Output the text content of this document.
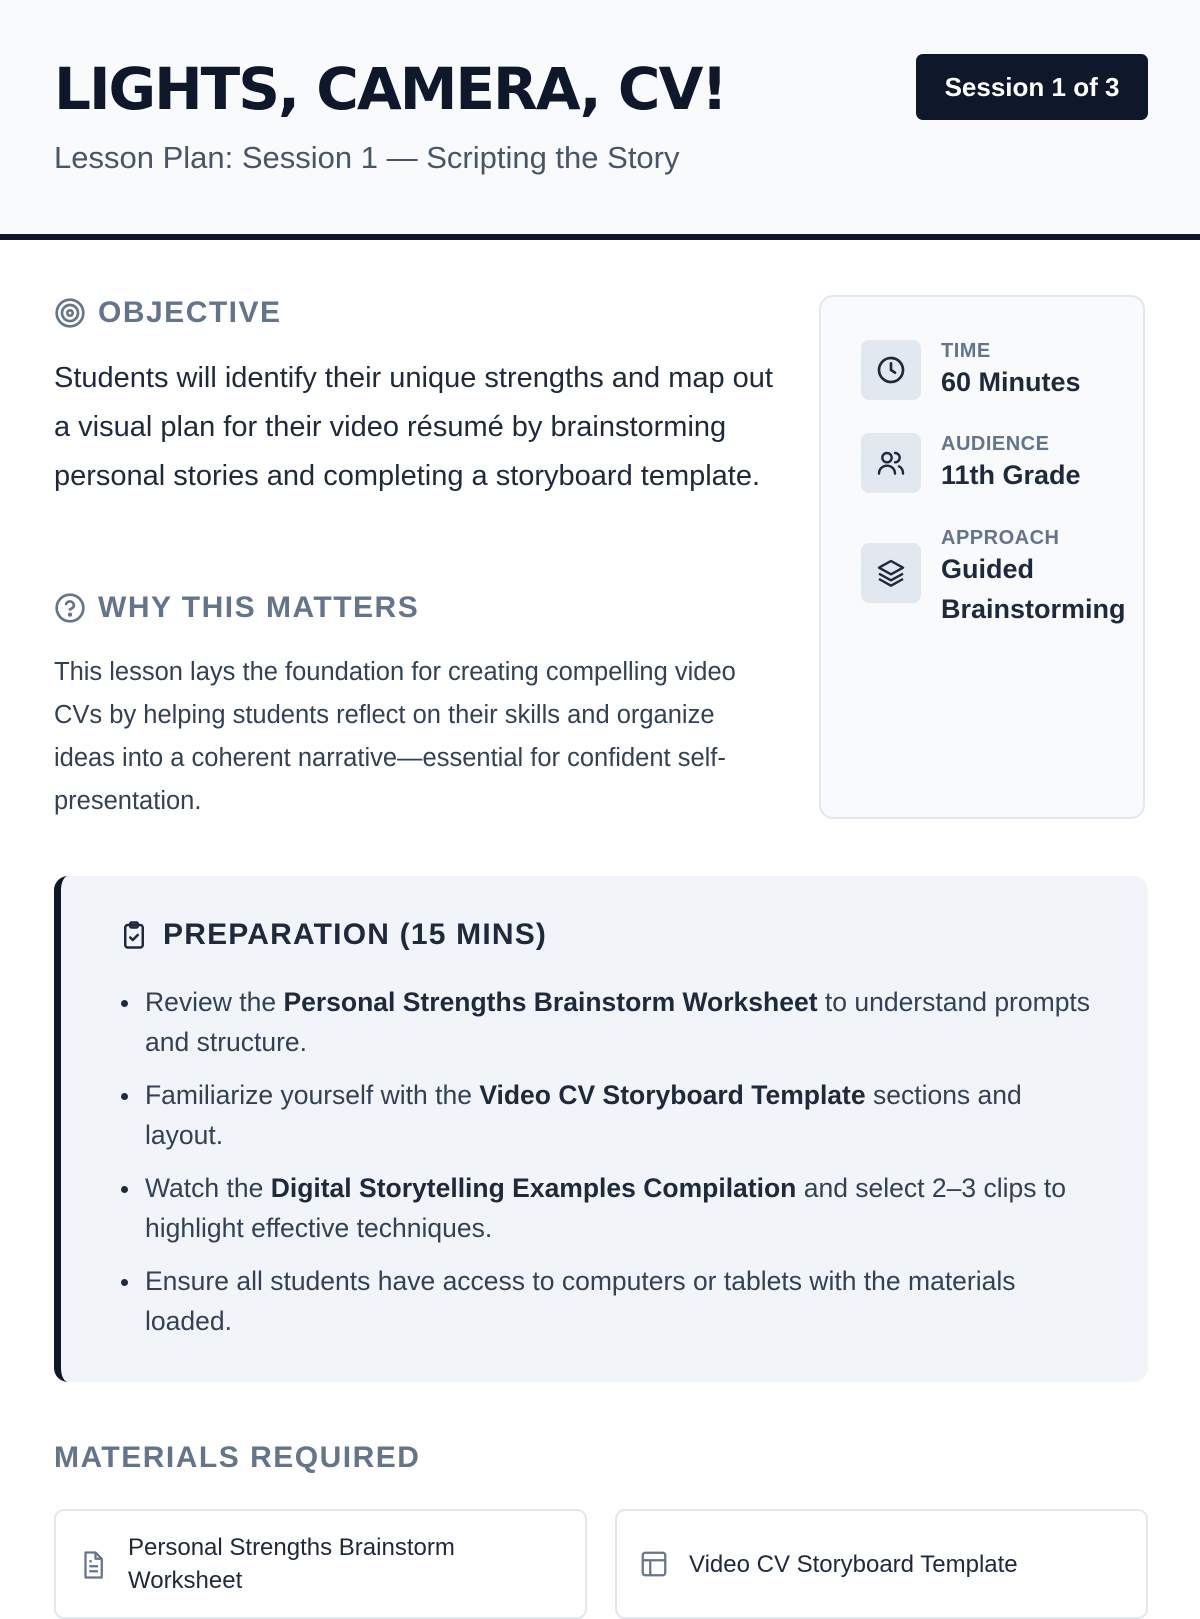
LIGHTS, CAMERA, CV!
Lesson Plan: Session 1 — Scripting the Story
Session 1 of 3
OBJECTIVE
Students will identify their unique strengths and map out a visual plan for their video résumé by brainstorming personal stories and completing a storyboard template.
WHY THIS MATTERS
This lesson lays the foundation for creating compelling video CVs by helping students reflect on their skills and organize ideas into a coherent narrative—essential for confident self-presentation.
TIME
60 Minutes
AUDIENCE
11th Grade
APPROACH
Guided Brainstorming
PREPARATION (15 MINS)
Review the Personal Strengths Brainstorm Worksheet to understand prompts and structure.
Familiarize yourself with the Video CV Storyboard Template sections and layout.
Watch the Digital Storytelling Examples Compilation and select 2–3 clips to highlight effective techniques.
Ensure all students have access to computers or tablets with the materials loaded.
MATERIALS REQUIRED
Personal Strengths Brainstorm Worksheet
Video CV Storyboard Template
